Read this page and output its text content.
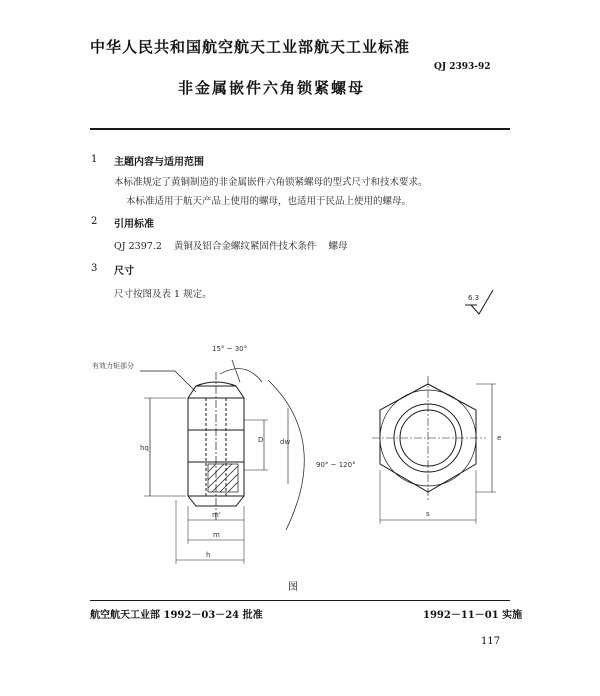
中华人民共和国航空航天工业部航天工业标准
QJ 2393-92
非金属嵌件六角锁紧螺母
1 主题内容与适用范围
本标准规定了黄铜制造的非金属嵌件六角锁紧螺母的型式尺寸和技术要求。
本标准适用于航天产品上使用的螺母，也适用于民品上使用的螺母。
2 引用标准
QJ 2397.2    黄铜及铝合金螺纹紧固件技术条件    螺母
3 尺寸
尺寸按图及表 1 规定。	6.3
15° ~ 30°
有效力矩部分
90° ~ 120°
hq
D dw
m'
m
h
e
s
图
航空航天工业部 1992－03－24 批准	1992－11－01 实施
117
